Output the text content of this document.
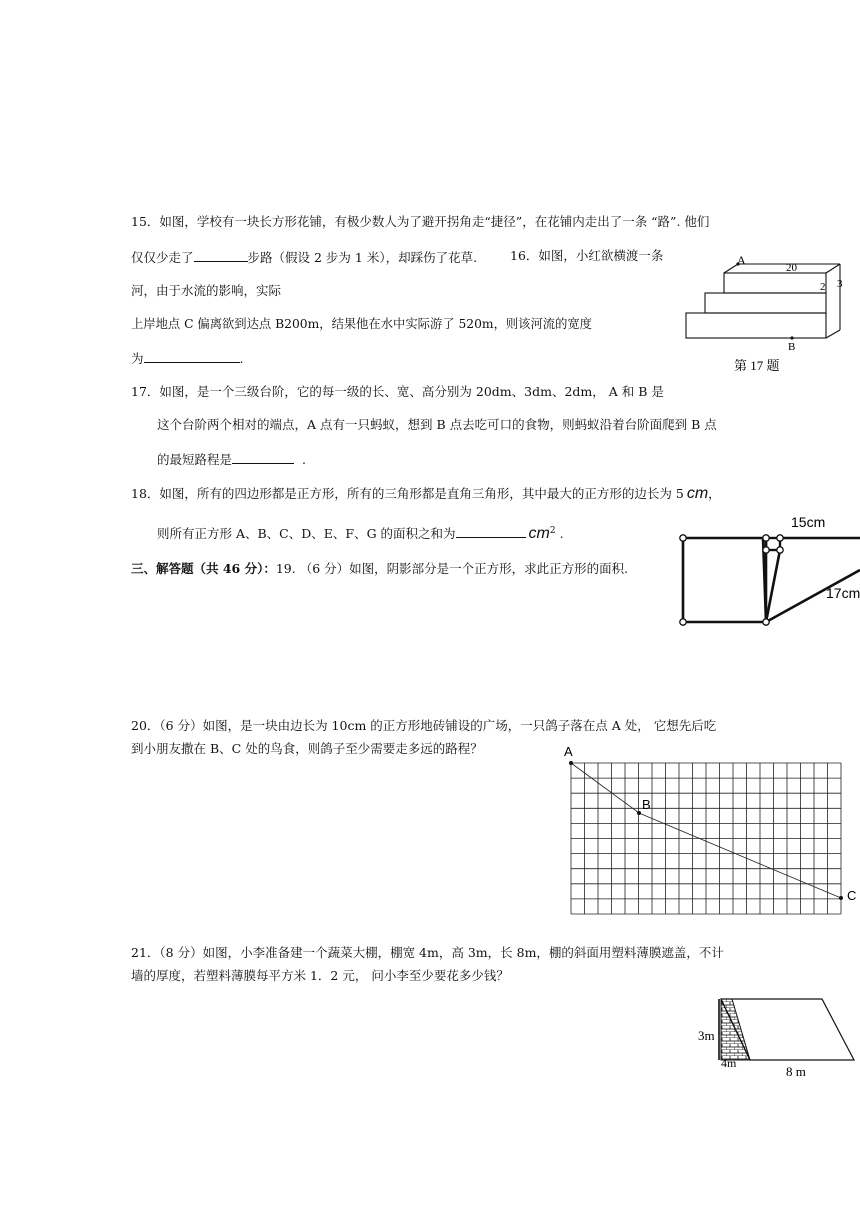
15．如图，学校有一块长方形花铺，有极少数人为了避开拐角走“捷径”，在花铺内走出了一条 “路”. 他们
仅仅少走了	步路（假设 2 步为 1 米），却踩伤了花草.	16．如图，小红欲横渡一条
河，由于水流的影响，实际
上岸地点 C 偏离欲到达点 B200m，结果他在水中实际游了 520m，则该河流的宽度
为	.
A
20
2 3
B
第 17 题
17．如图，是一个三级台阶，它的每一级的长、宽、高分别为 20dm、3dm、2dm， A 和 B 是
这个台阶两个相对的端点，A 点有一只蚂蚁，想到 B 点去吃可口的食物，则蚂蚁沿着台阶面爬到 B 点
的最短路程是	.
18．如图，所有的四边形都是正方形，所有的三角形都是直角三角形，其中最大的正方形的边长为 5 cm，
则所有正方形 A、B、C、D、E、F、G 的面积之和为	$cm^2$ .
三、解答题（共 46 分）：19. （6 分）如图，阴影部分是一个正方形，求此正方形的面积.
15cm
17cm
20．（6 分）如图，是一块由边长为 10cm 的正方形地砖铺设的广场，一只鸽子落在点 A 处， 它想先后吃
到小朋友撒在 B、C 处的鸟食，则鸽子至少需要走多远的路程？	A
B
C
21．（8 分）如图，小李准备建一个蔬菜大棚，棚宽 4m，高 3m，长 8m，棚的斜面用塑料薄膜遮盖，不计
墙的厚度，若塑料薄膜每平方米 1．2 元， 问小李至少要花多少钱？
3m
4m
8 m
